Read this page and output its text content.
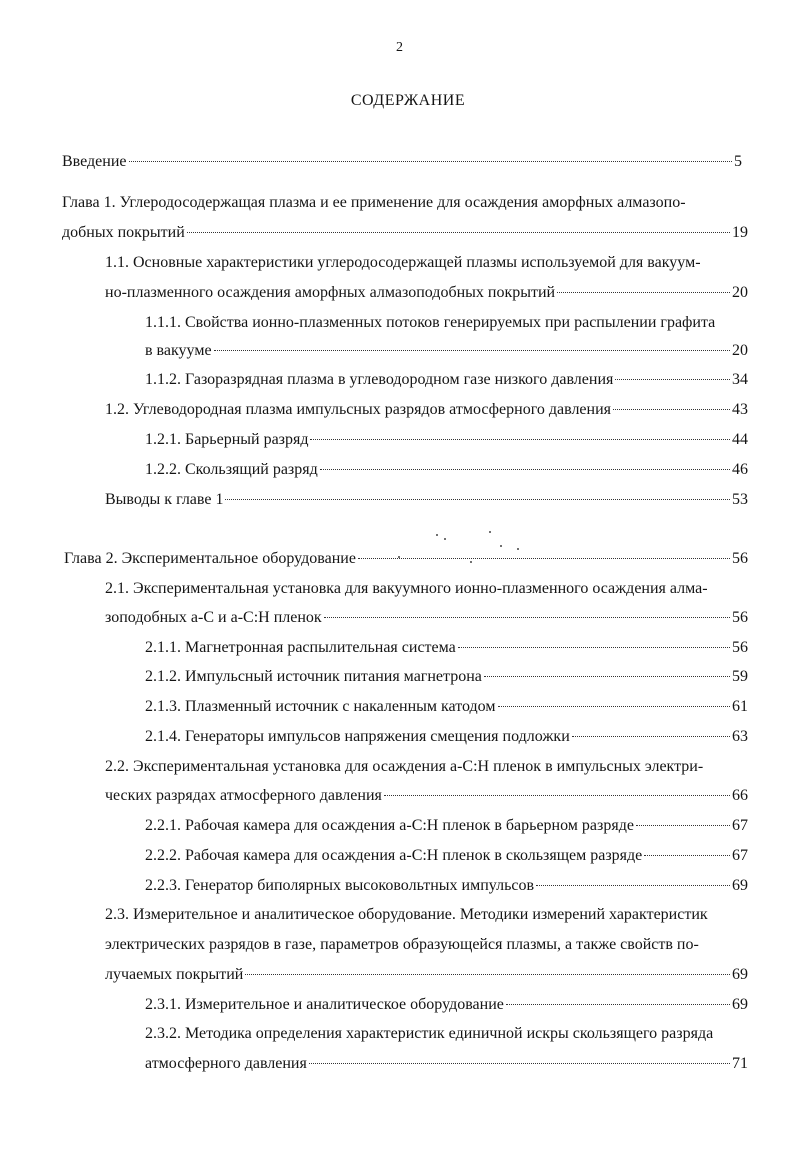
2
СОДЕРЖАНИЕ
Введение	5
Глава 1. Углеродосодержащая плазма и ее применение для осаждения аморфных алмазопо-
добных покрытий	19
1.1. Основные характеристики углеродосодержащей плазмы используемой для вакуум-
но-плазменного осаждения аморфных алмазоподобных покрытий	20
1.1.1. Свойства ионно-плазменных потоков генерируемых при распылении графита
в вакууме	20
1.1.2. Газоразрядная плазма в углеводородном газе низкого давления	34
1.2. Углеводородная плазма импульсных разрядов атмосферного давления	43
1.2.1. Барьерный разряд	44
1.2.2. Скользящий разряд	46
Выводы к главе 1	53
Глава 2. Экспериментальное оборудование	56
2.1. Экспериментальная установка для вакуумного ионно-плазменного осаждения алма-
зоподобных a-C и a-C:H пленок	56
2.1.1. Магнетронная распылительная система	56
2.1.2. Импульсный источник питания магнетрона	59
2.1.3. Плазменный источник с накаленным катодом	61
2.1.4. Генераторы импульсов напряжения смещения подложки	63
2.2. Экспериментальная установка для осаждения a-C:H пленок в импульсных электри-
ческих разрядах атмосферного давления	66
2.2.1. Рабочая камера для осаждения a-C:H пленок в барьерном разряде	67
2.2.2. Рабочая камера для осаждения a-C:H пленок в скользящем разряде	67
2.2.3. Генератор биполярных высоковольтных импульсов	69
2.3. Измерительное и аналитическое оборудование. Методики измерений характеристик
электрических разрядов в газе, параметров образующейся плазмы, а также свойств по-
лучаемых покрытий	69
2.3.1. Измерительное и аналитическое оборудование	69
2.3.2. Методика определения характеристик единичной искры скользящего разряда
атмосферного давления	71
